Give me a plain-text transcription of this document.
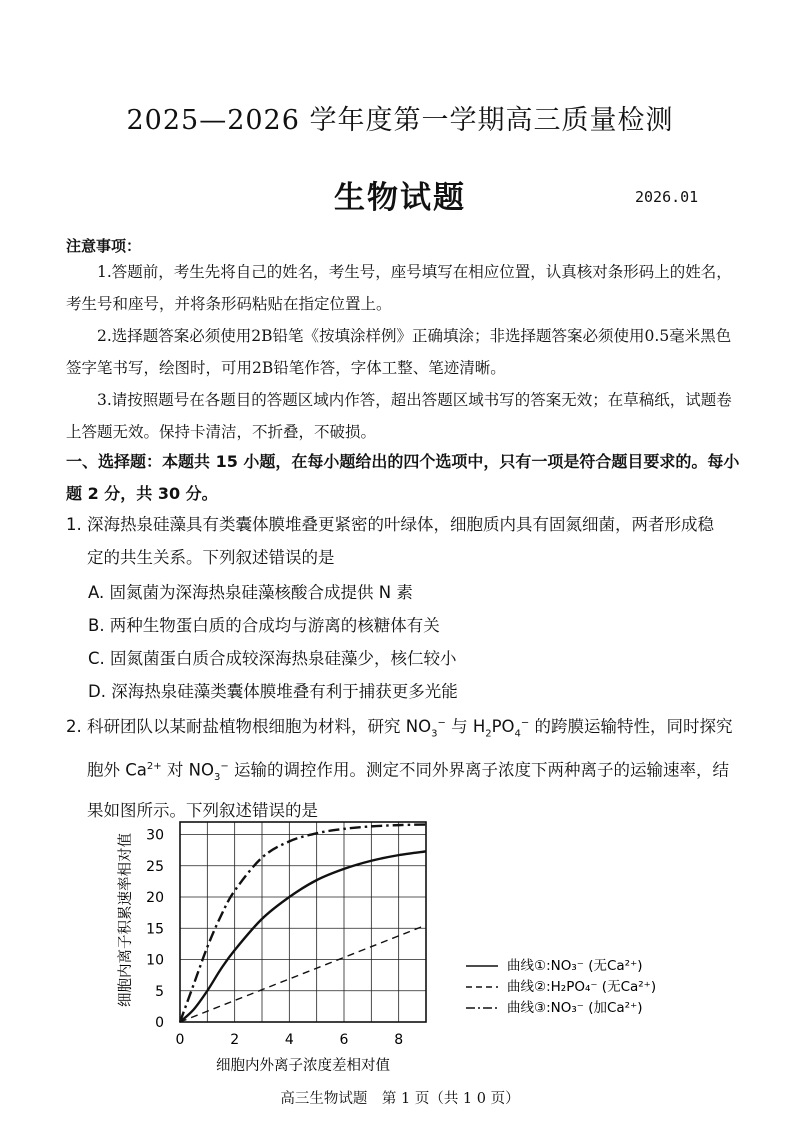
2025—2026 学年度第一学期高三质量检测
生物试题	2026.01
注意事项：
1.答题前，考生先将自己的姓名，考生号，座号填写在相应位置，认真核对条形码上的姓名，考生号和座号，并将条形码粘贴在指定位置上。
2.选择题答案必须使用2B铅笔《按填涂样例》正确填涂；非选择题答案必须使用0.5毫米黑色签字笔书写，绘图时，可用2B铅笔作答，字体工整、笔迹清晰。
3.请按照题号在各题目的答题区域内作答，超出答题区域书写的答案无效；在草稿纸，试题卷上答题无效。保持卡清洁，不折叠，不破损。
一、选择题：本题共 15 小题，在每小题给出的四个选项中，只有一项是符合题目要求的。每小题 2 分，共 30 分。
1. 深海热泉硅藻具有类囊体膜堆叠更紧密的叶绿体，细胞质内具有固氮细菌，两者形成稳
定的共生关系。下列叙述错误的是
A. 固氮菌为深海热泉硅藻核酸合成提供 N 素
B. 两种生物蛋白质的合成均与游离的核糖体有关
C. 固氮菌蛋白质合成较深海热泉硅藻少，核仁较小
D. 深海热泉硅藻类囊体膜堆叠有利于捕获更多光能
2. 科研团队以某耐盐植物根细胞为材料，研究 $NO_3^-$ 与 $H_2PO_4^-$ 的跨膜运输特性，同时探究
胞外 $Ca^{2+}$ 对 $NO_3^-$ 运输的调控作用。测定不同外界离子浓度下两种离子的运输速率，结
果如图所示。下列叙述错误的是
0
5
10
15
20
25
30
0	2	4	6	8
细胞内离子积累速率相对值
细胞内外离子浓度差相对值
曲线①:NO₃⁻ (无Ca²⁺)
曲线②:H₂PO₄⁻ (无Ca²⁺)
曲线③:NO₃⁻ (加Ca²⁺)
高三生物试题　第 1 页（共 1 0 页）
